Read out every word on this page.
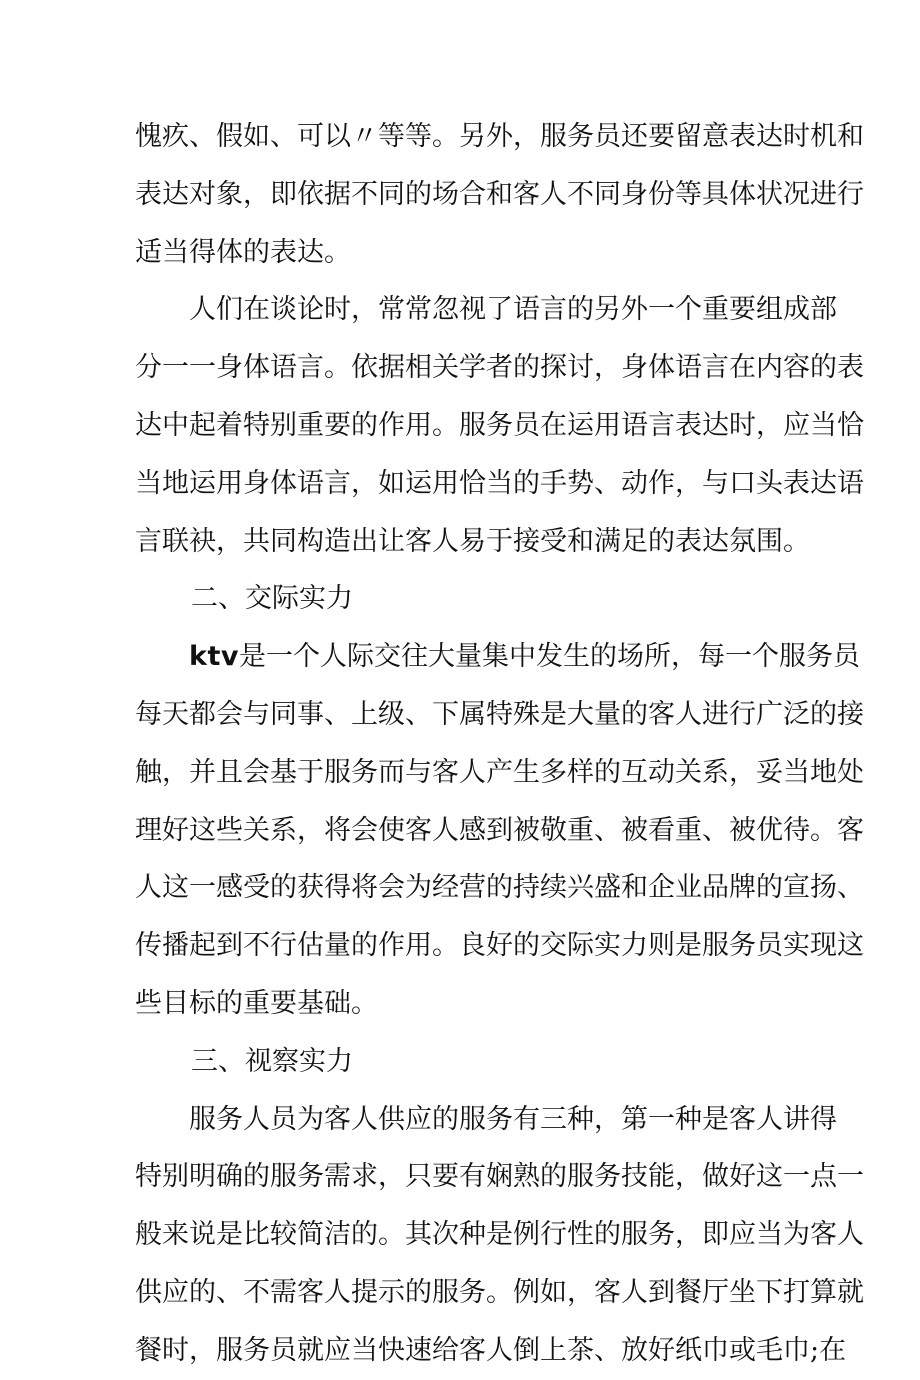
愧疚、假如、可以〃等等。另外，服务员还要留意表达时机和
表达对象，即依据不同的场合和客人不同身份等具体状况进行
适当得体的表达。
人们在谈论时，常常忽视了语言的另外一个重要组成部
分一一身体语言。依据相关学者的探讨，身体语言在内容的表
达中起着特别重要的作用。服务员在运用语言表达时，应当恰
当地运用身体语言，如运用恰当的手势、动作，与口头表达语
言联袂，共同构造出让客人易于接受和满足的表达氛围。
二、交际实力
ktv是一个人际交往大量集中发生的场所，每一个服务员
每天都会与同事、上级、下属特殊是大量的客人进行广泛的接
触，并且会基于服务而与客人产生多样的互动关系，妥当地处
理好这些关系，将会使客人感到被敬重、被看重、被优待。客
人这一感受的获得将会为经营的持续兴盛和企业品牌的宣扬、
传播起到不行估量的作用。良好的交际实力则是服务员实现这
些目标的重要基础。
三、视察实力
服务人员为客人供应的服务有三种，第一种是客人讲得
特别明确的服务需求，只要有娴熟的服务技能，做好这一点一
般来说是比较简洁的。其次种是例行性的服务，即应当为客人
供应的、不需客人提示的服务。例如，客人到餐厅坐下打算就
餐时，服务员就应当快速给客人倒上茶、放好纸巾或毛巾;在
